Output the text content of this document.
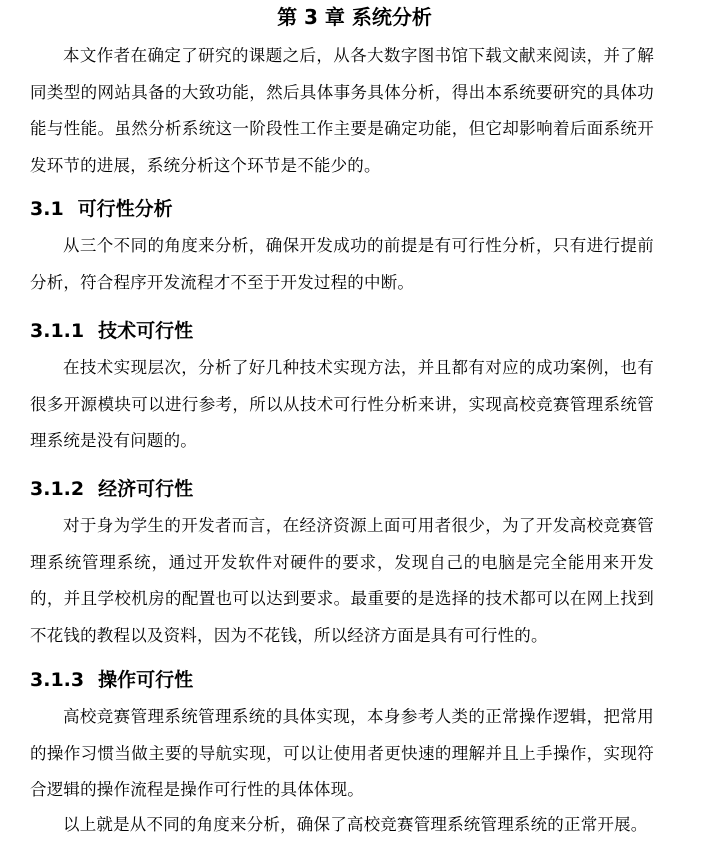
第 3 章 系统分析

本文作者在确定了研究的课题之后，从各大数字图书馆下载文献来阅读，并了解同类型的网站具备的大致功能，然后具体事务具体分析，得出本系统要研究的具体功能与性能。虽然分析系统这一阶段性工作主要是确定功能，但它却影响着后面系统开发环节的进展，系统分析这个环节是不能少的。

3.1 可行性分析

从三个不同的角度来分析，确保开发成功的前提是有可行性分析，只有进行提前分析，符合程序开发流程才不至于开发过程的中断。

3.1.1 技术可行性

在技术实现层次，分析了好几种技术实现方法，并且都有对应的成功案例，也有很多开源模块可以进行参考，所以从技术可行性分析来讲，实现高校竞赛管理系统管理系统是没有问题的。

3.1.2 经济可行性

对于身为学生的开发者而言，在经济资源上面可用者很少，为了开发高校竞赛管理系统管理系统，通过开发软件对硬件的要求，发现自己的电脑是完全能用来开发的，并且学校机房的配置也可以达到要求。最重要的是选择的技术都可以在网上找到不花钱的教程以及资料，因为不花钱，所以经济方面是具有可行性的。

3.1.3 操作可行性

高校竞赛管理系统管理系统的具体实现，本身参考人类的正常操作逻辑，把常用的操作习惯当做主要的导航实现，可以让使用者更快速的理解并且上手操作，实现符合逻辑的操作流程是操作可行性的具体体现。

以上就是从不同的角度来分析，确保了高校竞赛管理系统管理系统的正常开展。
